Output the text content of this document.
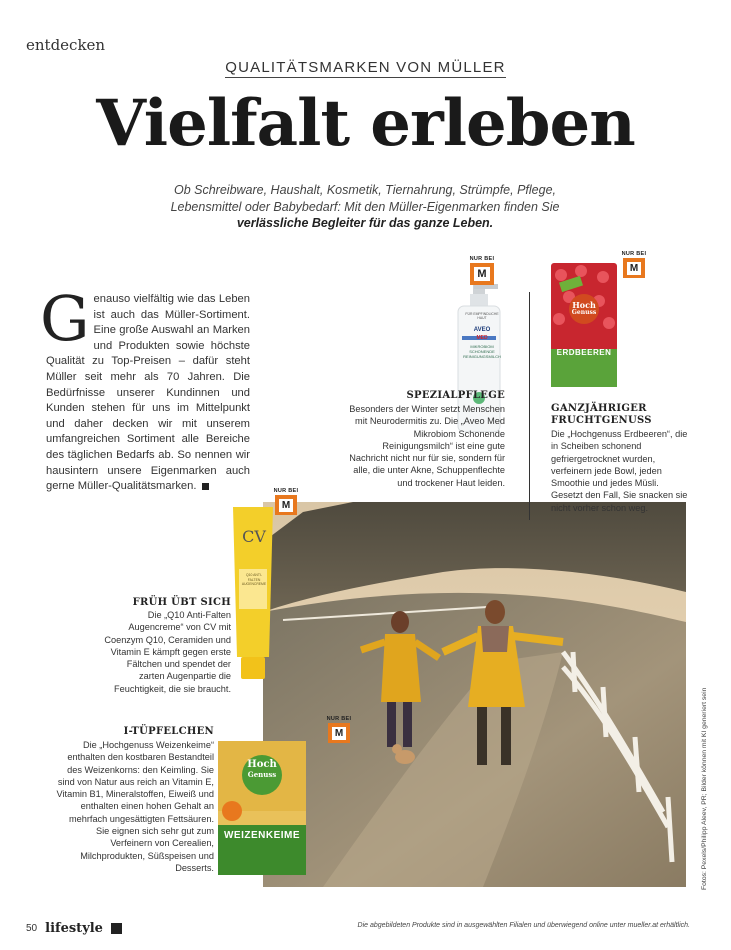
entdecken
QUALITÄTSMARKEN VON MÜLLER
Vielfalt erleben

Ob Schreibware, Haushalt, Kosmetik, Tiernahrung, Strümpfe, Pflege, Lebensmittel oder Babybedarf: Mit den Müller-Eigenmarken finden Sie verlässliche Begleiter für das ganze Leben.

Genauso vielfältig wie das Leben ist auch das Müller-Sortiment. Eine große Auswahl an Marken und Produkten sowie höchste Qualität zu Top-Preisen – dafür steht Müller seit mehr als 70 Jahren. Die Bedürfnisse unserer Kundinnen und Kunden stehen für uns im Mittelpunkt und daher decken wir mit unserem umfangreichen Sortiment alle Bereiche des täglichen Bedarfs ab. So nennen wir hausintern unsere Eigenmarken auch gerne Müller-Qualitätsmarken.
NUR BEI
M
AVEO
MED
MIKROBIOM SCHONENDE REINIGUNGSMILCH
FÜR EMPFINDLICHE HAUT
SPEZIALPFLEGE
Besonders der Winter setzt Menschen mit Neurodermitis zu. Die „Aveo Med Mikrobiom Schonende Reinigungsmilch“ ist eine gute Nachricht nicht nur für sie, sondern für alle, die unter Akne, Schuppenflechte und trockener Haut leiden.
Hoch
Genuss
ERDBEEREN
NUR BEI
M
GANZJÄHRIGER FRUCHTGENUSS
Die „Hochgenuss Erdbeeren“, die in Scheiben schonend gefriergetrocknet wurden, verfeinern jede Bowl, jeden Smoothie und jedes Müsli. Gesetzt den Fall, Sie snacken sie nicht vorher schon weg.
CV
Q10 ANTI-FALTEN AUGENCREME
NUR BEI
M
FRÜH ÜBT SICH
Die „Q10 Anti-Falten Augencreme“ von CV mit Coenzym Q10, Ceramiden und Vitamin E kämpft gegen erste Fältchen und spendet der zarten Augenpartie die Feuchtigkeit, die sie braucht.
Hoch
Genuss
WEIZENKEIME
NUR BEI
M
I-TÜPFELCHEN
Die „Hochgenuss Weizenkeime“ enthalten den kostbaren Bestandteil des Weizenkorns: den Keimling. Sie sind von Natur aus reich an Vitamin E, Vitamin B1, Mineralstoffen, Eiweiß und enthalten einen hohen Gehalt an mehrfach ungesättigten Fettsäuren. Sie eignen sich sehr gut zum Verfeinern von Cerealien, Milchprodukten, Süßspeisen und Desserts.	Fotos: Pexels/Philipp Aleev, PR; Bilder können mit KI generiert sein
50 lifestyle	Die abgebildeten Produkte sind in ausgewählten Filialen und überwiegend online unter mueller.at erhältlich.
